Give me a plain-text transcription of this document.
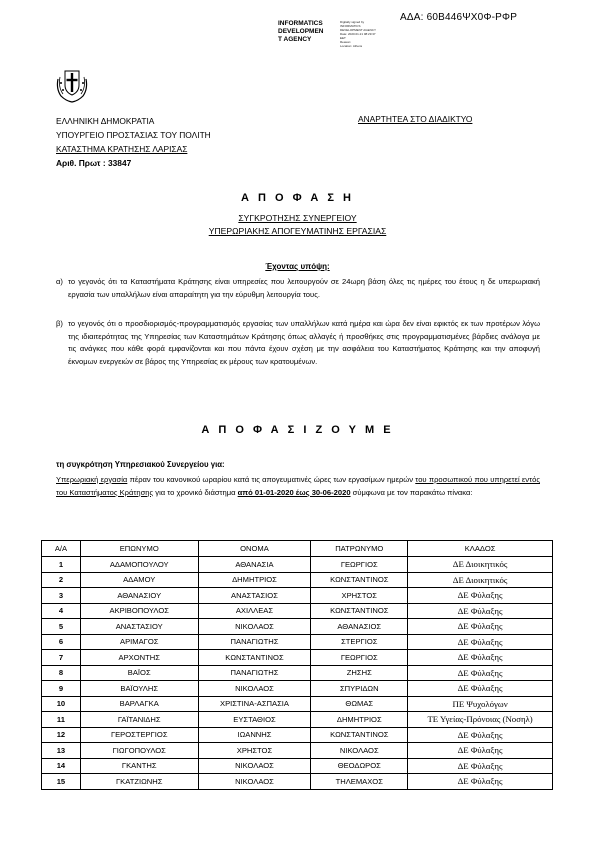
ΑΔΑ: 60Β446ΨΧ0Φ-ΡΦΡ
INFORMATICS
DEVELOPMEN
T AGENCY
Digitally signed by
INFORMATICS
DEVELOPMENT AGENCY
Date: 2020.01.21 08:29:37
EET
Reason:
Location: Athens
ΕΛΛΗΝΙΚΗ ΔΗΜΟΚΡΑΤΙΑ
ΥΠΟΥΡΓΕΙΟ ΠΡΟΣΤΑΣΙΑΣ ΤΟΥ ΠΟΛΙΤΗ
ΚΑΤΑΣΤΗΜΑ ΚΡΑΤΗΣΗΣ ΛΑΡΙΣΑΣ
Αριθ. Πρωτ : 33847
ΑΝΑΡΤΗΤΕΑ ΣΤΟ ΔΙΑΔΙΚΤΥΟ
Α Π Ο Φ Α Σ Η
ΣΥΓΚΡΟΤΗΣΗΣ ΣΥΝΕΡΓΕΙΟΥ
ΥΠΕΡΩΡΙΑΚΗΣ ΑΠΟΓΕΥΜΑΤΙΝΗΣ ΕΡΓΑΣΙΑΣ
Έχοντας υπόψη:
α) το γεγονός ότι τα Καταστήματα Κράτησης είναι υπηρεσίες που λειτουργούν σε 24ωρη βάση όλες τις ημέρες του έτους η δε υπερωριακή εργασία των υπαλλήλων είναι απαραίτητη για την εύρυθμη λειτουργία τους.
β) το γεγονός ότι ο προσδιορισμός-προγραμματισμός εργασίας των υπαλλήλων κατά ημέρα και ώρα δεν είναι εφικτός εκ των προτέρων λόγω της ιδιαιτερότητας της Υπηρεσίας των Καταστημάτων Κράτησης όπως αλλαγές ή προσθήκες στις προγραμματισμένες βάρδιες ανάλογα με τις ανάγκες που κάθε φορά εμφανίζονται και που πάντα έχουν σχέση με την ασφάλεια του Καταστήματος Κράτησης και την αποφυγή έκνομων ενεργειών σε βάρος της Υπηρεσίας εκ μέρους των κρατουμένων.
Α Π Ο Φ Α Σ Ι Ζ Ο Υ Μ Ε
τη συγκρότηση Υπηρεσιακού Συνεργείου για:
Υπερωριακή εργασία πέραν του κανονικού ωραρίου κατά τις απογευματινές ώρες των εργασίμων ημερών του προσωπικού που υπηρετεί εντός του Καταστήματος Κράτησης για το χρονικό διάστημα από 01-01-2020 έως 30-06-2020 σύμφωνα με τον παρακάτω πίνακα:
Α/Α	ΕΠΩΝΥΜΟ	ΟΝΟΜΑ	ΠΑΤΡΩΝΥΜΟ	ΚΛΑΔΟΣ
1	ΑΔΑΜΟΠΟΥΛΟΥ	ΑΘΑΝΑΣΙΑ	ΓΕΩΡΓΙΟΣ	ΔΕ Διοικητικός
2	ΑΔΑΜΟΥ	ΔΗΜΗΤΡΙΟΣ	ΚΩΝΣΤΑΝΤΙΝΟΣ	ΔΕ Διοικητικός
3	ΑΘΑΝΑΣΙΟΥ	ΑΝΑΣΤΑΣΙΟΣ	ΧΡΗΣΤΟΣ	ΔΕ Φύλαξης
4	ΑΚΡΙΒΟΠΟΥΛΟΣ	ΑΧΙΛΛΕΑΣ	ΚΩΝΣΤΑΝΤΙΝΟΣ	ΔΕ Φύλαξης
5	ΑΝΑΣΤΑΣΙΟΥ	ΝΙΚΟΛΑΟΣ	ΑΘΑΝΑΣΙΟΣ	ΔΕ Φύλαξης
6	ΑΡΙΜΑΓΟΣ	ΠΑΝΑΓΙΩΤΗΣ	ΣΤΕΡΓΙΟΣ	ΔΕ Φύλαξης
7	ΑΡΧΟΝΤΗΣ	ΚΩΝΣΤΑΝΤΙΝΟΣ	ΓΕΩΡΓΙΟΣ	ΔΕ Φύλαξης
8	ΒΑΪΟΣ	ΠΑΝΑΓΙΩΤΗΣ	ΖΗΣΗΣ	ΔΕ Φύλαξης
9	ΒΑΪΟΥΛΗΣ	ΝΙΚΟΛΑΟΣ	ΣΠΥΡΙΔΩΝ	ΔΕ Φύλαξης
10	ΒΑΡΛΑΓΚΑ	ΧΡΙΣΤΙΝΑ-ΑΣΠΑΣΙΑ	ΘΩΜΑΣ	ΠΕ Ψυχολόγων
11	ΓΑΪΤΑΝΙΔΗΣ	ΕΥΣΤΑΘΙΟΣ	ΔΗΜΗΤΡΙΟΣ	ΤΕ Υγείας-Πρόνοιας (Νοσηλ)
12	ΓΕΡΟΣΤΕΡΓΙΟΣ	ΙΩΑΝΝΗΣ	ΚΩΝΣΤΑΝΤΙΝΟΣ	ΔΕ Φύλαξης
13	ΓΙΩΓΟΠΟΥΛΟΣ	ΧΡΗΣΤΟΣ	ΝΙΚΟΛΑΟΣ	ΔΕ Φύλαξης
14	ΓΚΑΝΤΗΣ	ΝΙΚΟΛΑΟΣ	ΘΕΟΔΩΡΟΣ	ΔΕ Φύλαξης
15	ΓΚΑΤΖΙΩΝΗΣ	ΝΙΚΟΛΑΟΣ	ΤΗΛΕΜΑΧΟΣ	ΔΕ Φύλαξης
